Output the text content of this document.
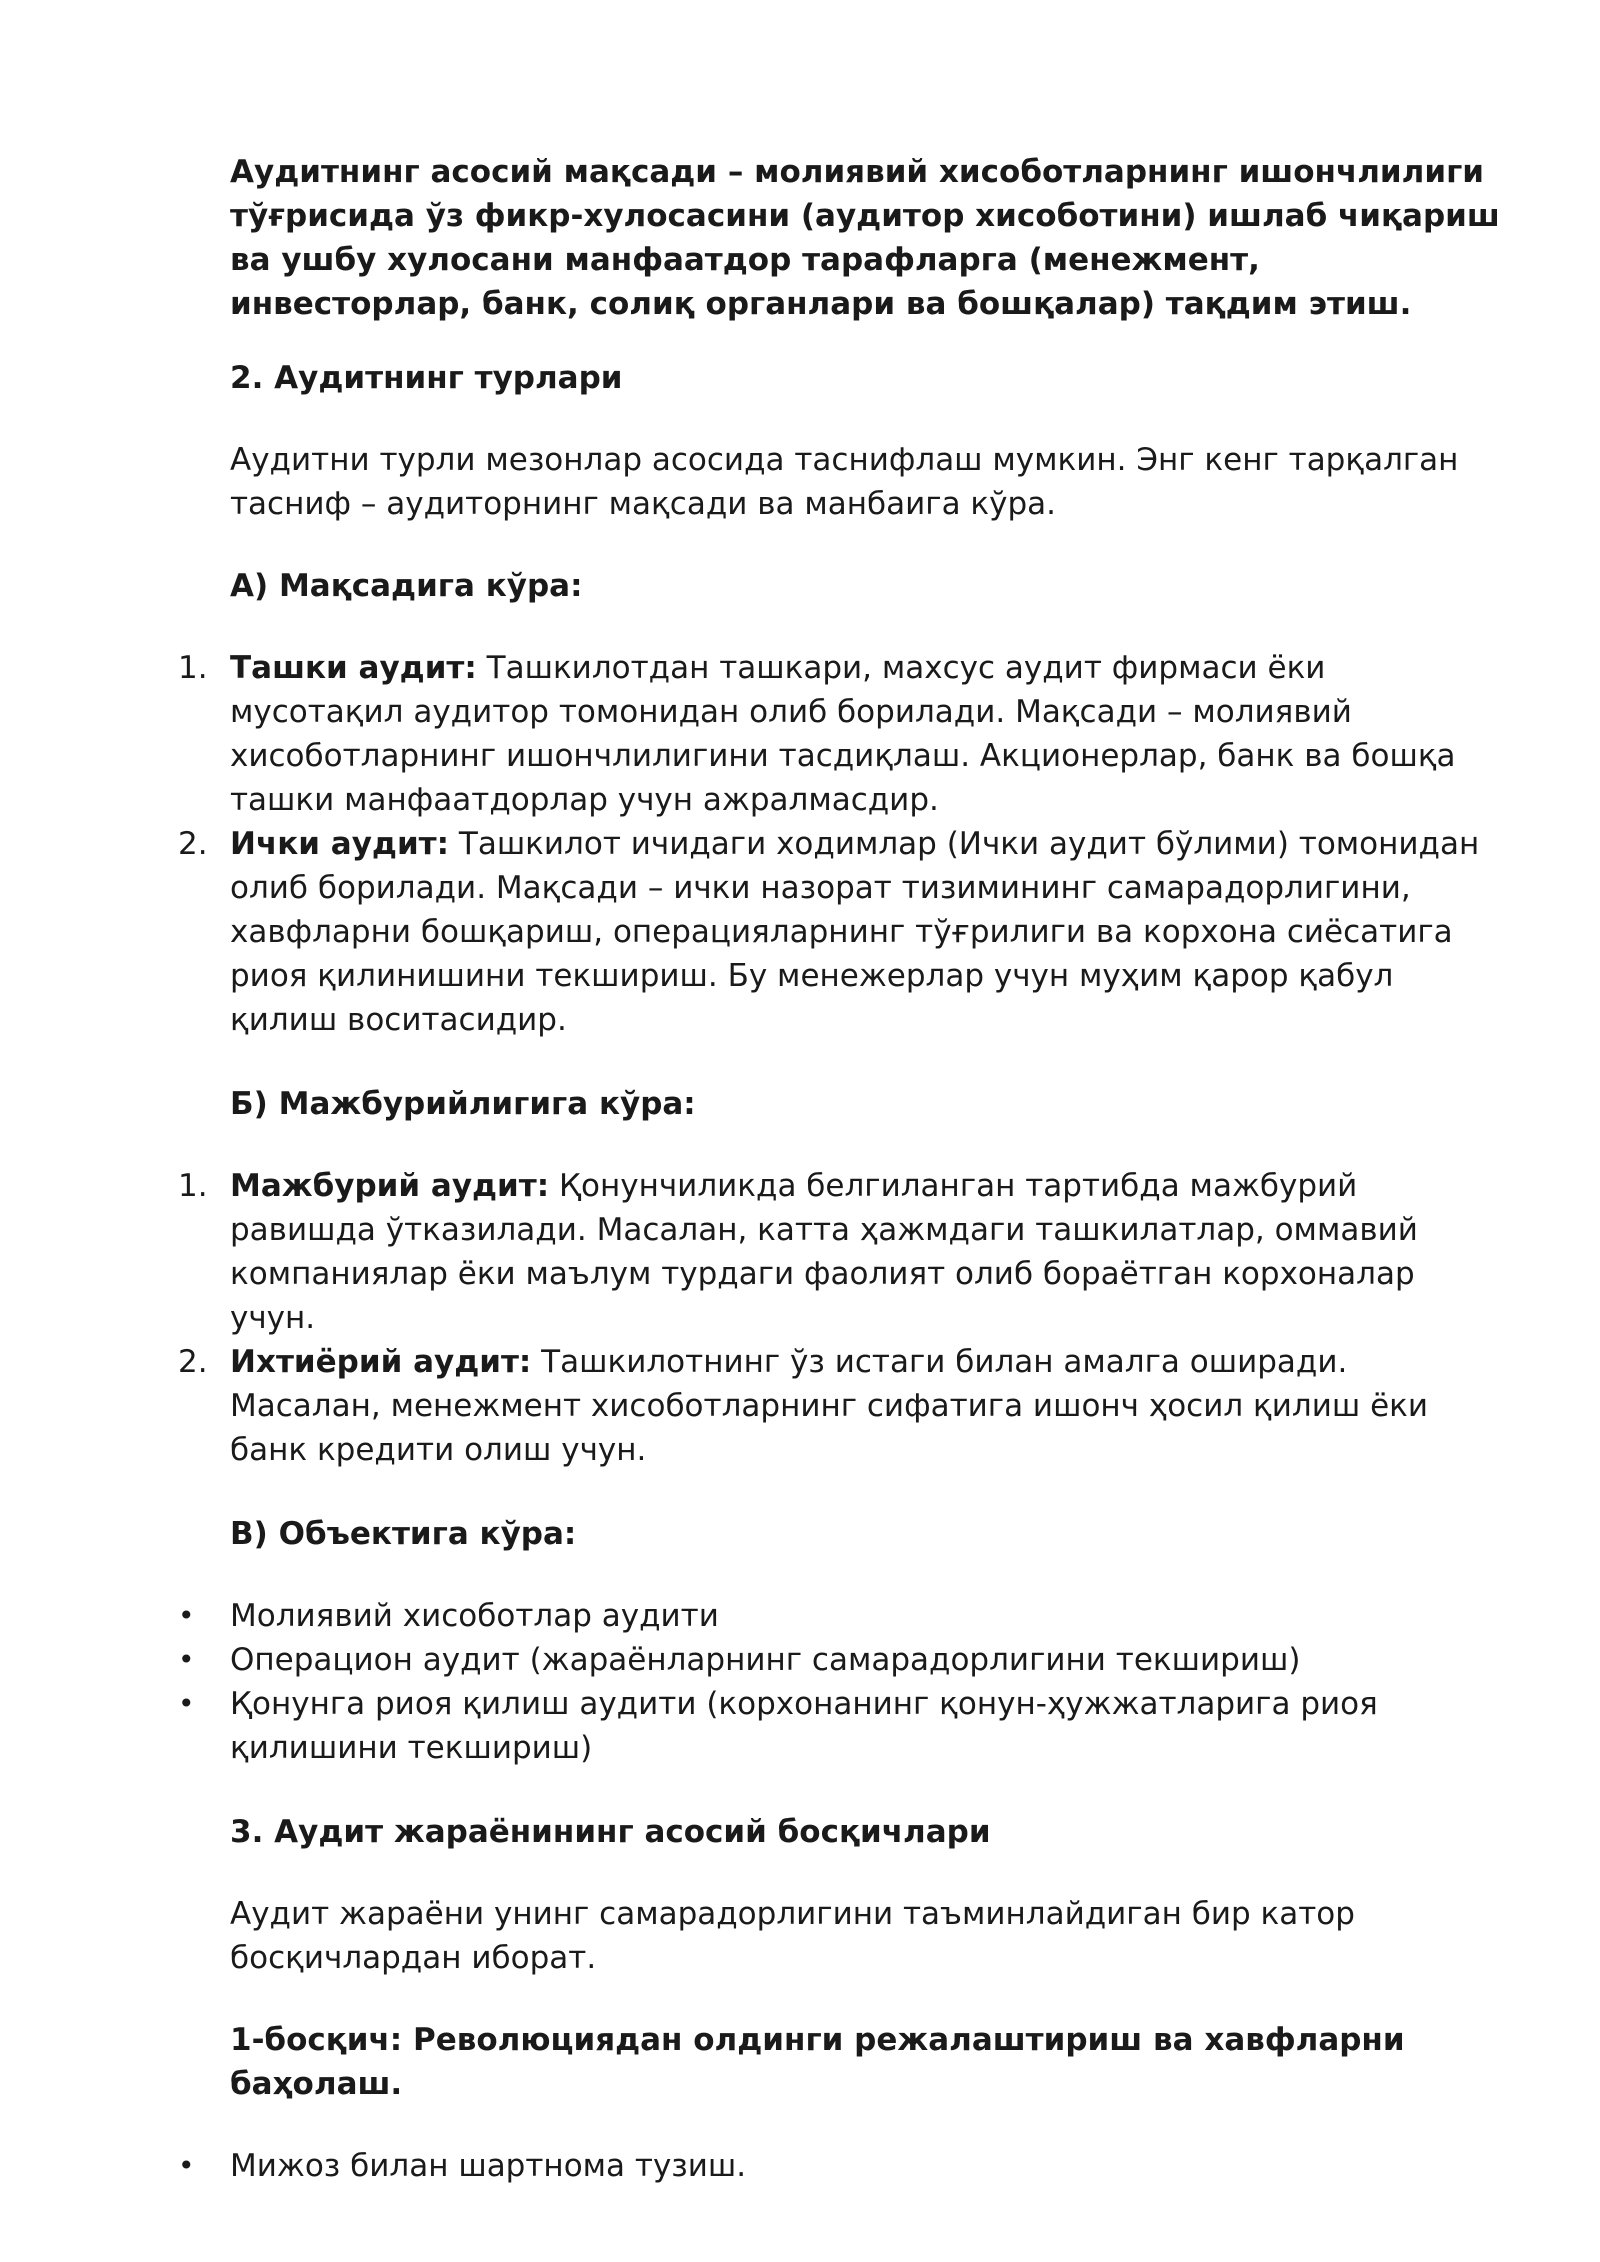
Аудитнинг асосий мақсади – молиявий хисоботларнинг ишончлилиги тўғрисида ўз фикр-хулосасини (аудитор хисоботини) ишлаб чиқариш ва ушбу хулосани манфаатдор тарафларга (менежмент, инвесторлар, банк, солиқ органлари ва бошқалар) тақдим этиш.

2. Аудитнинг турлари

Аудитни турли мезонлар асосида таснифлаш мумкин. Энг кенг тарқалган тасниф – аудиторнинг мақсади ва манбаига кўра.

А) Мақсадига кўра:

1. Ташки аудит: Ташкилотдан ташкари, махсус аудит фирмаси ёки мусотақил аудитор томонидан олиб борилади. Мақсади – молиявий хисоботларнинг ишончлилигини тасдиқлаш. Акционерлар, банк ва бошқа ташки манфаатдорлар учун ажралмасдир.
2. Ички аудит: Ташкилот ичидаги ходимлар (Ички аудит бўлими) томонидан олиб борилади. Мақсади – ички назорат тизимининг самарадорлигини, хавфларни бошқариш, операцияларнинг тўғрилиги ва корхона сиёсатига риоя қилинишини текшириш. Бу менежерлар учун муҳим қарор қабул қилиш воситасидир.

Б) Мажбурийлигига кўра:

1. Мажбурий аудит: Қонунчиликда белгиланган тартибда мажбурий равишда ўтказилади. Масалан, катта ҳажмдаги ташкилатлар, оммавий компаниялар ёки маълум турдаги фаолият олиб бораётган корхоналар учун.
2. Ихтиёрий аудит: Ташкилотнинг ўз истаги билан амалга оширади. Масалан, менежмент хисоботларнинг сифатига ишонч ҳосил қилиш ёки банк кредити олиш учун.

В) Объектига кўра:

•	Молиявий хисоботлар аудити
•	Операцион аудит (жараёнларнинг самарадорлигини текшириш)
•	Қонунга риоя қилиш аудити (корхонанинг қонун-ҳужжатларига риоя қилишини текшириш)

3. Аудит жараёнининг асосий босқичлари

Аудит жараёни унинг самарадорлигини таъминлайдиган бир катор босқичлардан иборат.

1-босқич: Революциядан олдинги режалаштириш ва хавфларни баҳолаш.

•	Мижоз билан шартнома тузиш.
